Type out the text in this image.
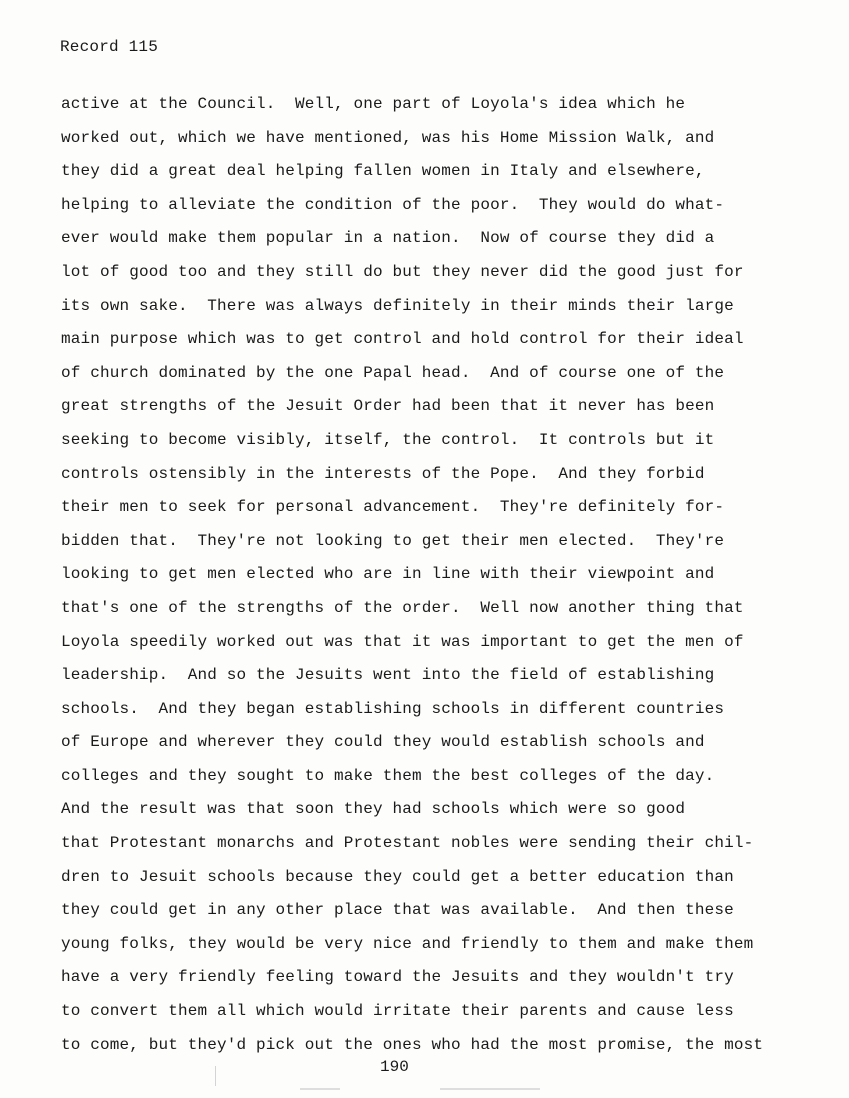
Record 115
active at the Council.  Well, one part of Loyola's idea which he
worked out, which we have mentioned, was his Home Mission Walk, and
they did a great deal helping fallen women in Italy and elsewhere,
helping to alleviate the condition of the poor.  They would do what-
ever would make them popular in a nation.  Now of course they did a
lot of good too and they still do but they never did the good just for
its own sake.  There was always definitely in their minds their large
main purpose which was to get control and hold control for their ideal
of church dominated by the one Papal head.  And of course one of the
great strengths of the Jesuit Order had been that it never has been
seeking to become visibly, itself, the control.  It controls but it
controls ostensibly in the interests of the Pope.  And they forbid
their men to seek for personal advancement.  They're definitely for-
bidden that.  They're not looking to get their men elected.  They're
looking to get men elected who are in line with their viewpoint and
that's one of the strengths of the order.  Well now another thing that
Loyola speedily worked out was that it was important to get the men of
leadership.  And so the Jesuits went into the field of establishing
schools.  And they began establishing schools in different countries
of Europe and wherever they could they would establish schools and
colleges and they sought to make them the best colleges of the day.
And the result was that soon they had schools which were so good
that Protestant monarchs and Protestant nobles were sending their chil-
dren to Jesuit schools because they could get a better education than
they could get in any other place that was available.  And then these
young folks, they would be very nice and friendly to them and make them
have a very friendly feeling toward the Jesuits and they wouldn't try
to convert them all which would irritate their parents and cause less
to come, but they'd pick out the ones who had the most promise, the most
190
